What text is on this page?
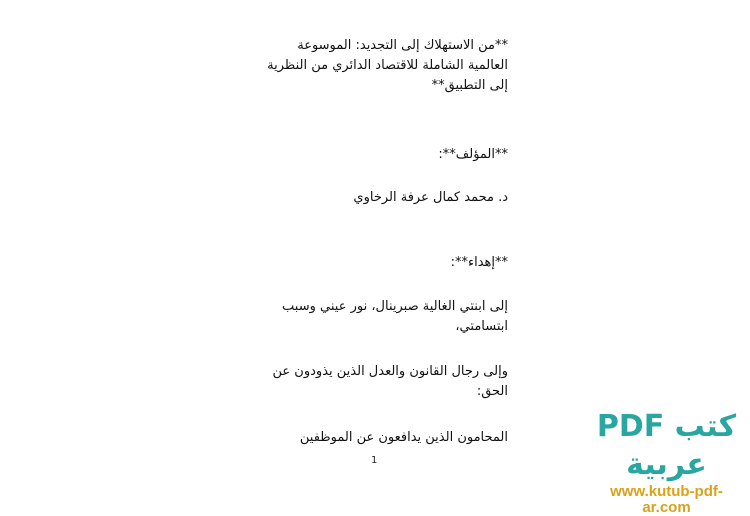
**من الاستهلاك إلى التجديد: الموسوعة
العالمية الشاملة للاقتصاد الدائري من النظرية
إلى التطبيق**
**المؤلف**:
د. محمد كمال عرفة الرخاوي
**إهداء**:
إلى ابنتي الغالية صبرينال، نور عيني وسبب
ابتسامتي،
وإلى رجال القانون والعدل الذين يذودون عن
الحق:
المحامون الذين يدافعون عن الموظفين
1
كتب PDF عربية
www.kutub-pdf-ar.com
